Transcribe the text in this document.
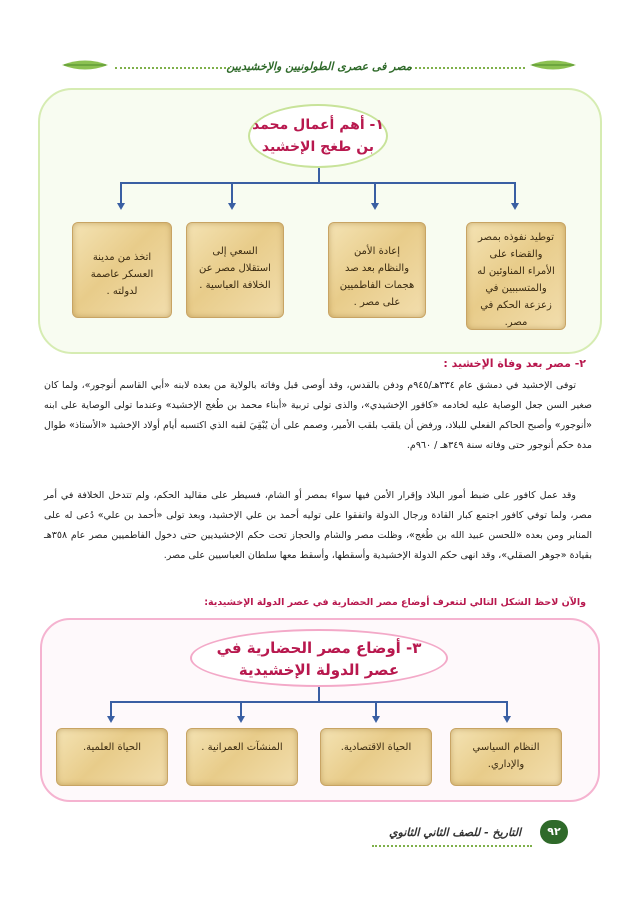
مصر فى عصرى الطولونيين والإخشيديين
١- أهم أعمال محمد
بن طغج الإخشيد
توطيد نفوذه بمصر والقضاء على الأمراء المناوئين له والمتسببين في زعزعة الحكم في مصر.
إعادة الأمن والنظام بعد صد هجمات الفاطميين على مصر .
السعي إلى استقلال مصر عن الخلافة العباسية .
اتخذ من مدينة العسكر عاصمة لدولته .
٢- مصر بعد وفاة الإخشيد :

توفى الإخشيد في دمشق عام ٣٣٤هـ/٩٤٥م ودفن بالقدس، وقد أوصى قبل وفاته بالولاية من بعده لابنه «أبي القاسم أنوجور»، ولما كان صغير السن جعل الوصاية عليه لخادمه «كافور الإخشيدي»، والذى تولى تربية «أبناء محمد بن طُغج الإخشيد» وعندما تولى الوصاية على ابنه «أنوجور» وأصبح الحاكم الفعلي للبلاد، ورفض أن يلقب بلقب الأمير، وصمم على أن يُبْقِيَ لقبه الذي اكتسبه أيام أولاد الإخشيد «الأستاذ» طوال مدة حكم أنوجور حتى وفاته سنة ٣٤٩هـ / ٩٦٠م.

وقد عمل كافور على ضبط أمور البلاد وإقرار الأمن فيها سواء بمصر أو الشام، فسيطر على مقاليد الحكم، ولم تتدخل الخلافة في أمر مصر، ولما توفي كافور اجتمع كبار القادة ورجال الدولة واتفقوا على توليه أحمد بن علي الإخشيد، وبعد تولى «أحمد بن علي» دُعى له على المنابر ومن بعده «للحسن عبيد الله بن طُغج»، وظلت مصر والشام والحجاز تحت حكم الإخشيديين حتى دخول الفاطميين مصر عام ٣٥٨هـ بقيادة «جوهر الصقلي»، وقد انهى حكم الدولة الإخشيدية وأسقطها، وأسقط معها سلطان العباسيين على مصر.

والآن لاحظ الشكل التالي لتتعرف أوضاع مصر الحضارية في عصر الدولة الإخشيدية:
٣- أوضاع مصر الحضارية في
عصر الدولة الإخشيدية
النظام السياسي والإداري.
الحياة الاقتصادية.
المنشآت العمرانية .
الحياة العلمية.
التاريخ - للصف الثاني الثانوي	٩٢
